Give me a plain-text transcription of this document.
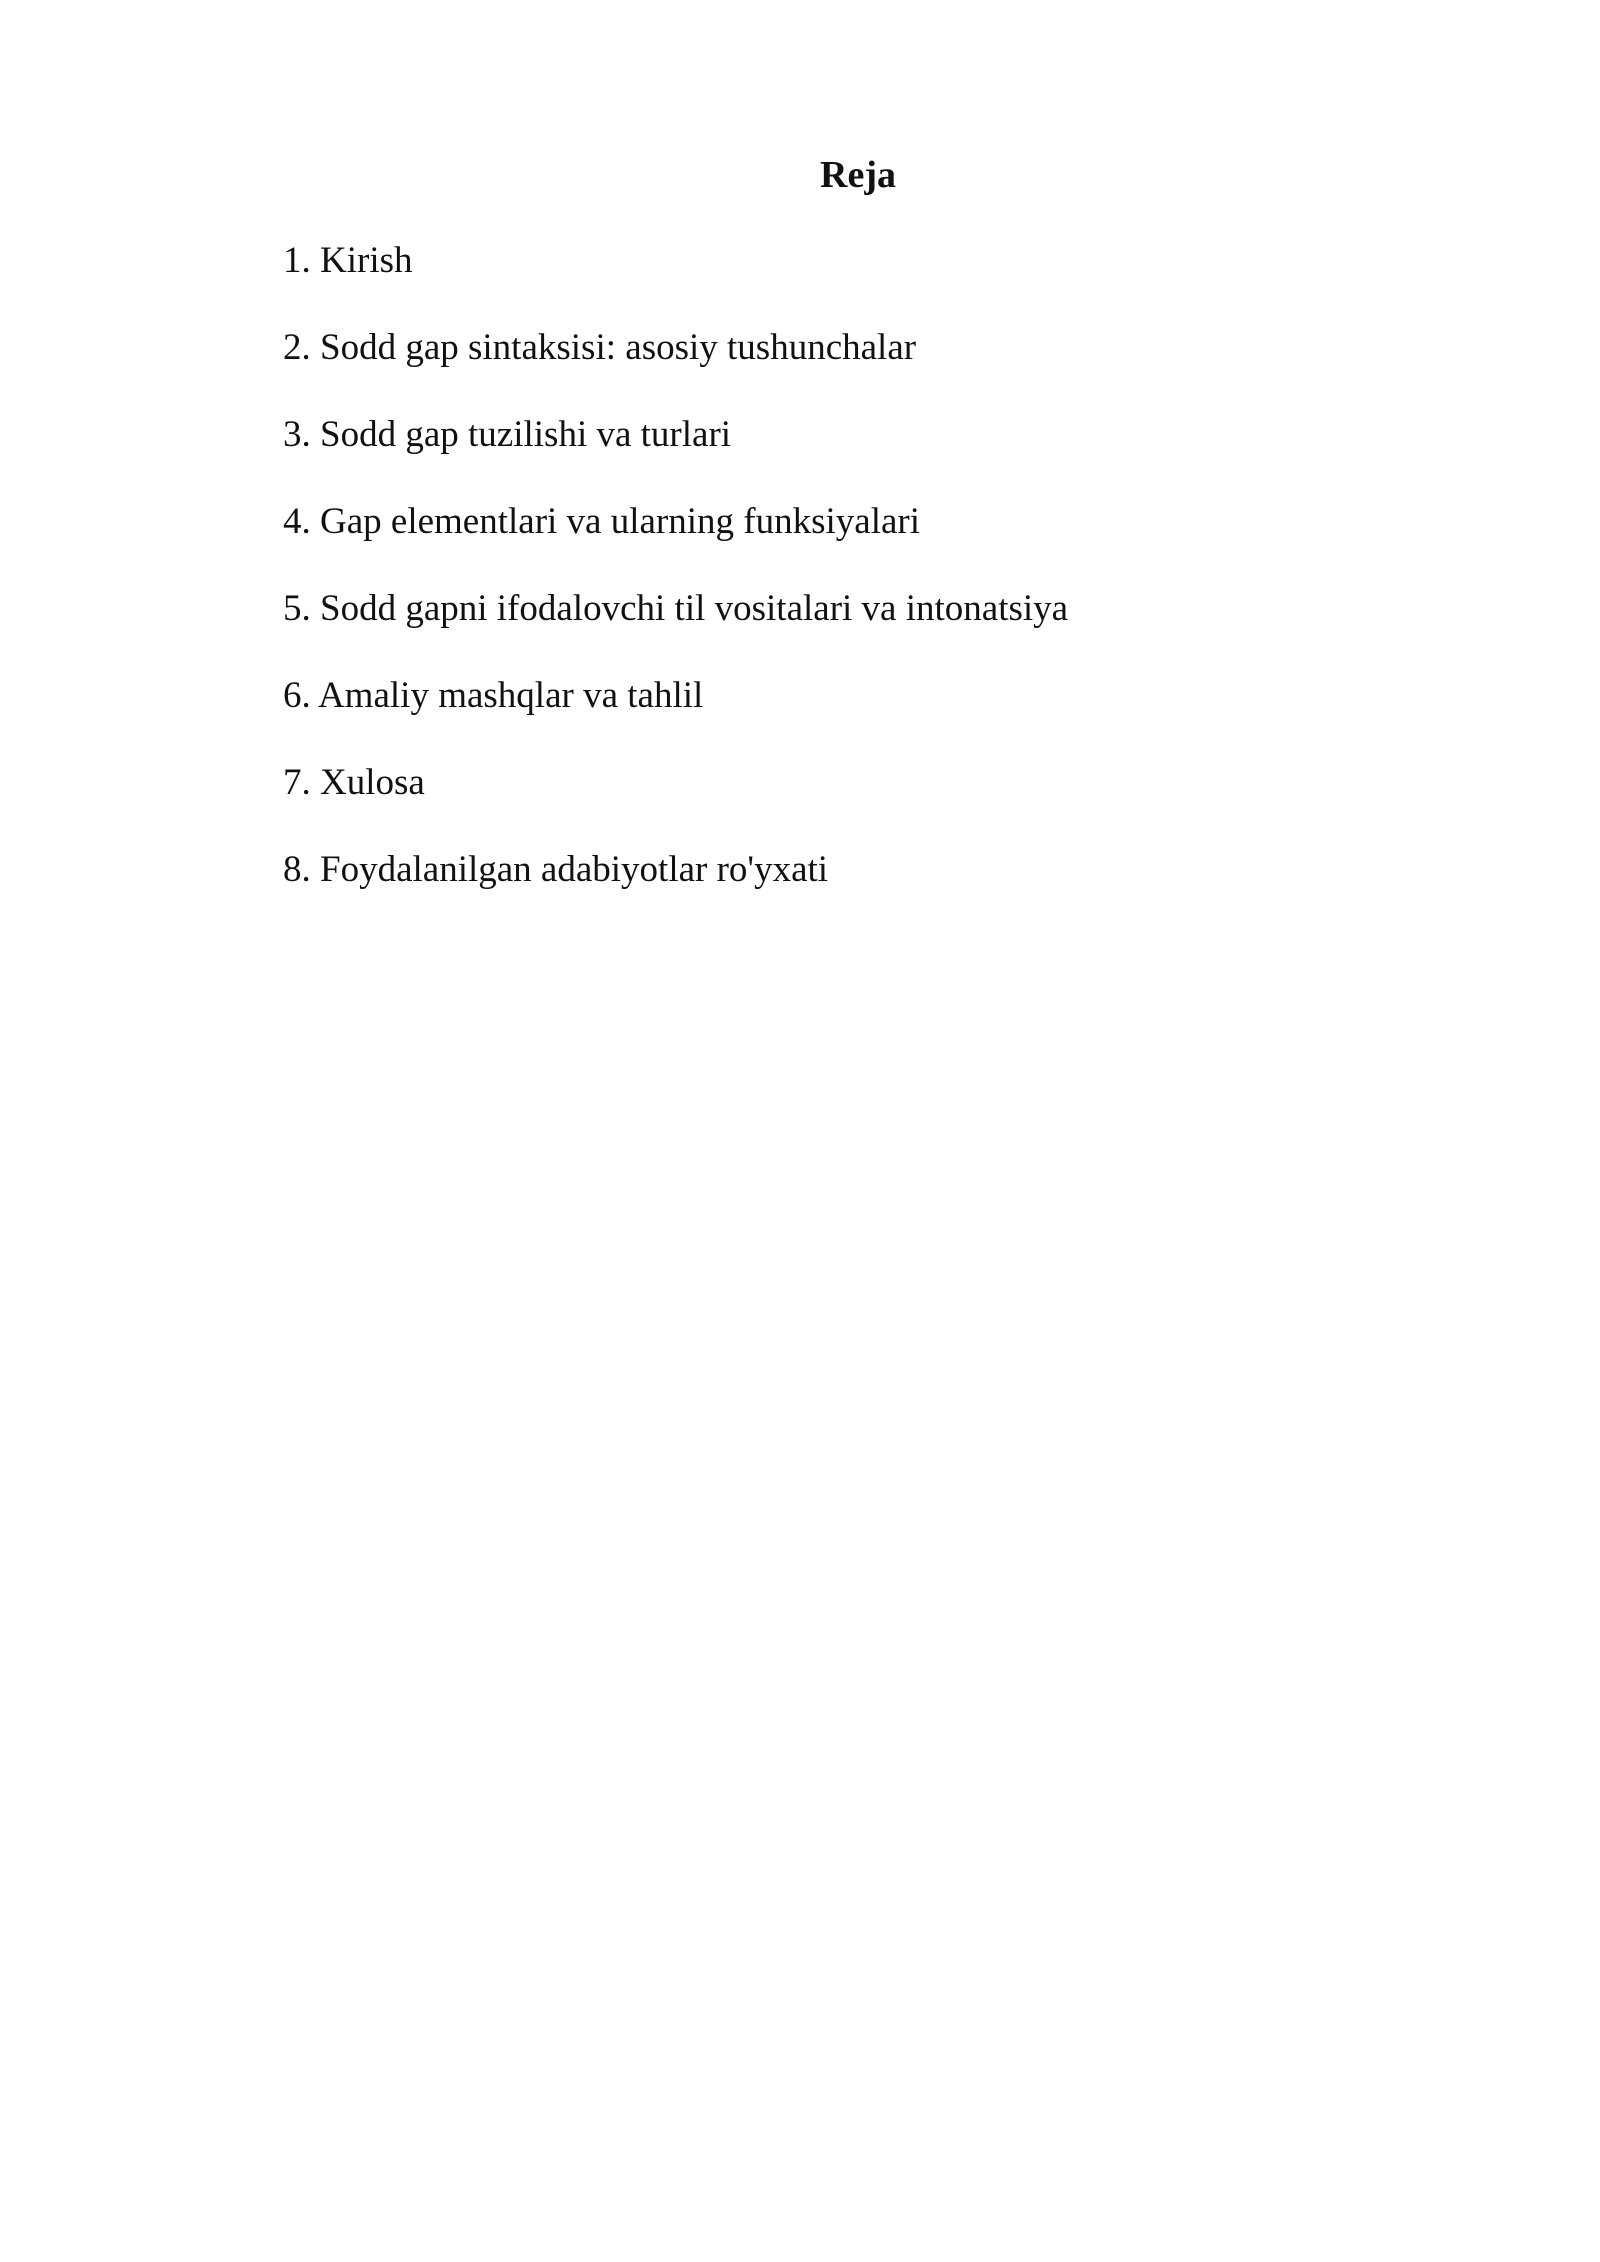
Reja
1. Kirish
2. Sodd gap sintaksisi: asosiy tushunchalar
3. Sodd gap tuzilishi va turlari
4. Gap elementlari va ularning funksiyalari
5. Sodd gapni ifodalovchi til vositalari va intonatsiya
6. Amaliy mashqlar va tahlil
7. Xulosa
8. Foydalanilgan adabiyotlar ro'yxati
